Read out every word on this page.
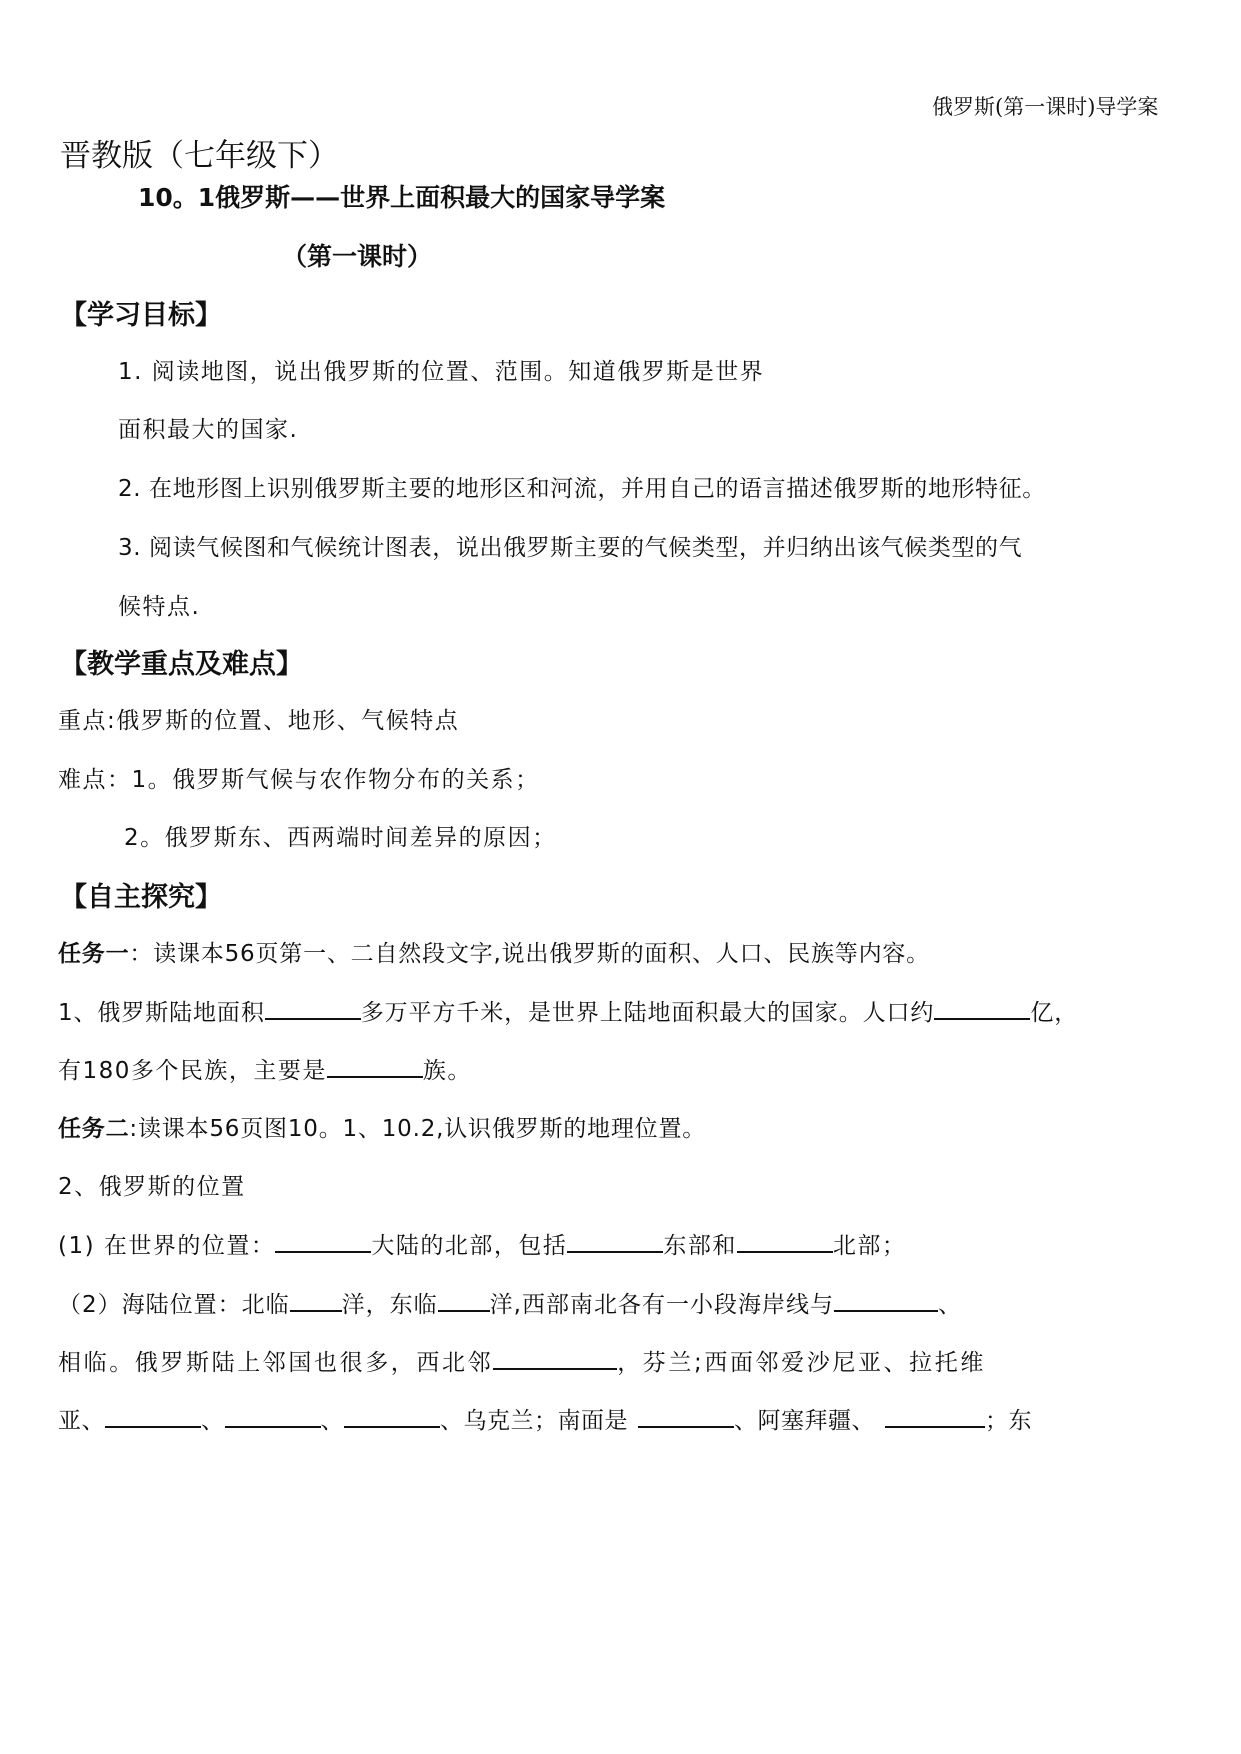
俄罗斯(第一课时)导学案
晋教版（七年级下）
10。1俄罗斯——世界上面积最大的国家导学案
（第一课时）
【学习目标】
1. 阅读地图，说出俄罗斯的位置、范围。知道俄罗斯是世界
面积最大的国家.
2. 在地形图上识别俄罗斯主要的地形区和河流，并用自己的语言描述俄罗斯的地形特征。
3. 阅读气候图和气候统计图表，说出俄罗斯主要的气候类型，并归纳出该气候类型的气
候特点.
【教学重点及难点】
重点:俄罗斯的位置、地形、气候特点
难点：1。俄罗斯气候与农作物分布的关系；
2。俄罗斯东、西两端时间差异的原因；
【自主探究】
任务一：读课本56页第一、二自然段文字,说出俄罗斯的面积、人口、民族等内容。
1、俄罗斯陆地面积	多万平方千米，是世界上陆地面积最大的国家。人口约	亿，
有180多个民族，主要是	族。
任务二:读课本56页图10。1、10.2,认识俄罗斯的地理位置。
2、俄罗斯的位置
(1) 在世界的位置：	大陆的北部，包括	东部和	北部；
（2）海陆位置：北临 洋，东临 洋,西部南北各有一小段海岸线与	、
相临。俄罗斯陆上邻国也很多，西北邻	，芬兰;西面邻爱沙尼亚、拉托维
亚、	、	、	、乌克兰；南面是	、阿塞拜疆、	；东
